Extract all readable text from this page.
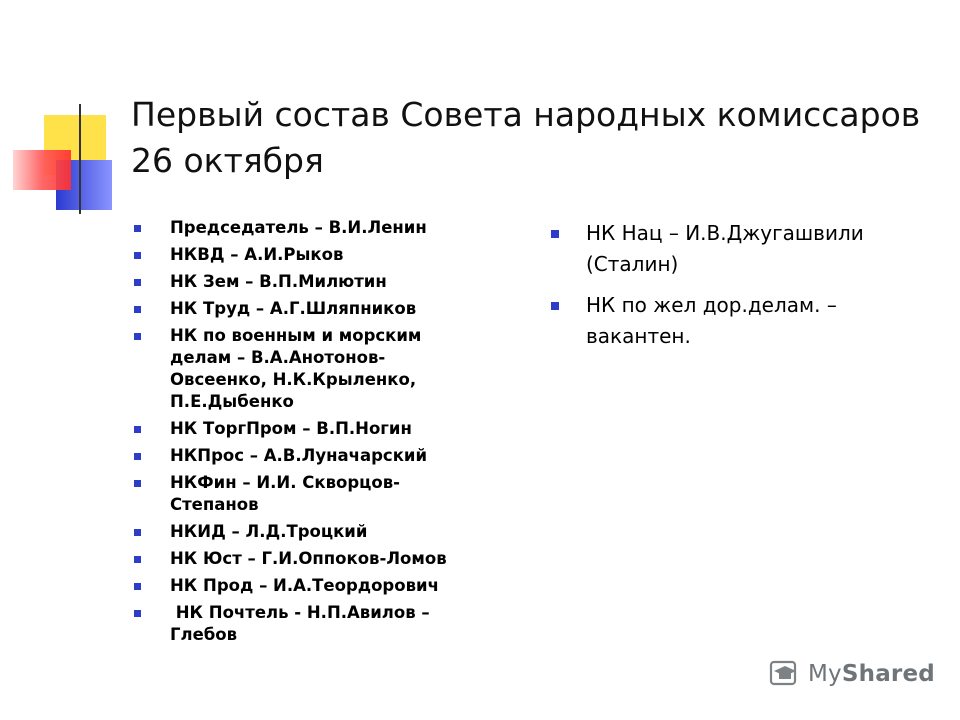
Первый состав Совета народных комиссаров
26 октября
Председатель – В.И.Ленин
НКВД – А.И.Рыков
НК Зем – В.П.Милютин
НК Труд – А.Г.Шляпников
НК по военным и морским
делам – В.А.Анотонов-
Овсеенко, Н.К.Крыленко,
П.Е.Дыбенко
НК ТоргПром – В.П.Ногин
НКПрос – А.В.Луначарский
НКФин – И.И. Скворцов-
Степанов
НКИД – Л.Д.Троцкий
НК Юст – Г.И.Оппоков-Ломов
НК Прод – И.А.Теордорович
НК Почтель - Н.П.Авилов –
Глебов
НК Нац – И.В.Джугашвили
(Сталин)
НК по жел дор.делам. –
вакантен.
MyShared
